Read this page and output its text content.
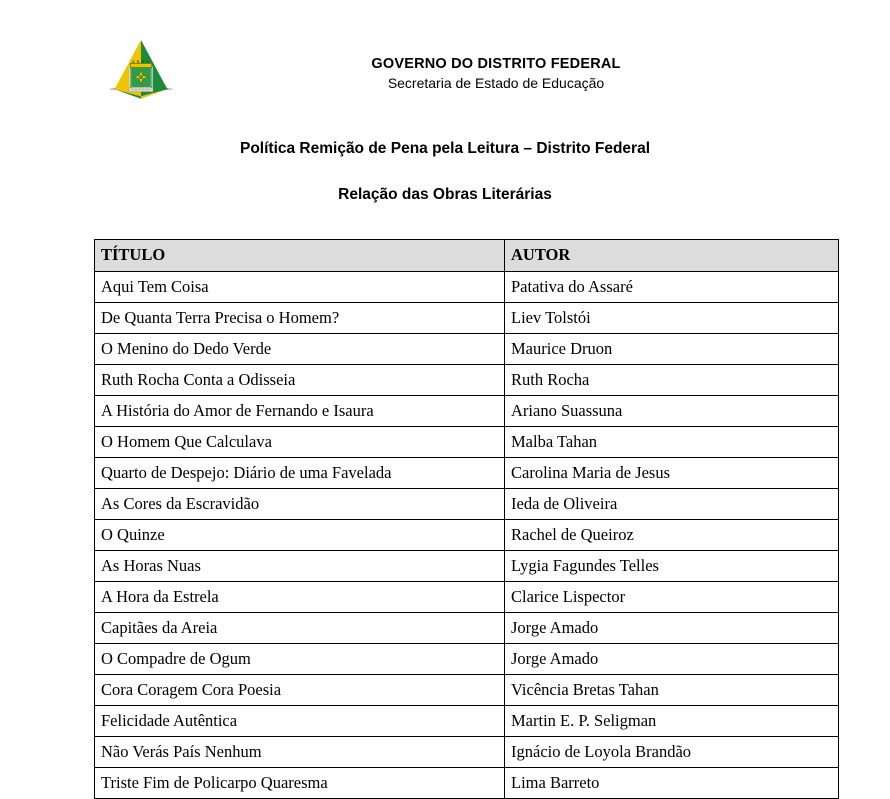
GOVERNO DO DISTRITO FEDERAL
Secretaria de Estado de Educação
Política Remição de Pena pela Leitura – Distrito Federal
Relação das Obras Literárias
TÍTULO	AUTOR
Aqui Tem Coisa	Patativa do Assaré
De Quanta Terra Precisa o Homem?	Liev Tolstói
O Menino do Dedo Verde	Maurice Druon
Ruth Rocha Conta a Odisseia	Ruth Rocha
A História do Amor de Fernando e Isaura	Ariano Suassuna
O Homem Que Calculava	Malba Tahan
Quarto de Despejo: Diário de uma Favelada	Carolina Maria de Jesus
As Cores da Escravidão	Ieda de Oliveira
O Quinze	Rachel de Queiroz
As Horas Nuas	Lygia Fagundes Telles
A Hora da Estrela	Clarice Lispector
Capitães da Areia	Jorge Amado
O Compadre de Ogum	Jorge Amado
Cora Coragem Cora Poesia	Vicência Bretas Tahan
Felicidade Autêntica	Martin E. P. Seligman
Não Verás País Nenhum	Ignácio de Loyola Brandão
Triste Fim de Policarpo Quaresma	Lima Barreto
